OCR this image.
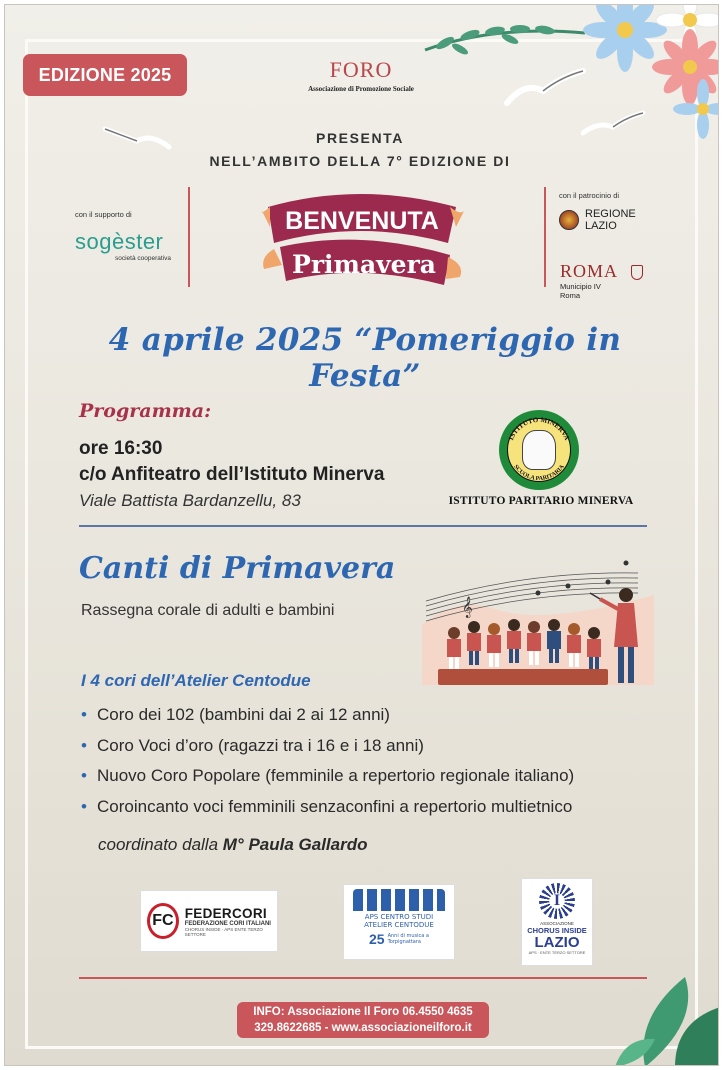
EDIZIONE 2025	FORO
Associazione di Promozione Sociale
PRESENTA
NELL’AMBITO DELLA 7° EDIZIONE DI
con il supporto di
sogèster
società cooperativa
con il patrocinio di
REGIONE
LAZIO
ROMA
Municipio IV
Roma
BENVENUTA
Primavera
4 aprile 2025 “Pomeriggio in Festa”
Programma:
ore 16:30
c/o Anfiteatro dell’Istituto Minerva
Viale Battista Bardanzellu, 83
ISTITUTO MINERVA
SCUOLA PARITARIA
ISTITUTO PARITARIO MINERVA
Canti di Primavera
Rassegna corale di adulti e bambini	𝄞
I 4 cori dell’Atelier Centodue
• Coro dei 102 (bambini dai 2 ai 12 anni)
• Coro Voci d’oro (ragazzi tra i 16 e i 18 anni)
• Nuovo Coro Popolare (femminile a repertorio regionale italiano)
• Coroincanto voci femminili senzaconfini a repertorio multietnico
coordinato dalla M° Paula Gallardo
FC FEDERCORI
FEDERAZIONE CORI ITALIANI
CHORUS INSIDE · APS ENTE TERZO SETTORE
APS CENTRO STUDI
ATELIER CENTODUE
25 Anni di musica a
Torpignattara
I
ASSOCIAZIONE
CHORUS INSIDE
LAZIO
APS · ENTE TERZO SETTORE
INFO: Associazione Il Foro 06.4550 4635
329.8622685 - www.associazioneilforo.it
